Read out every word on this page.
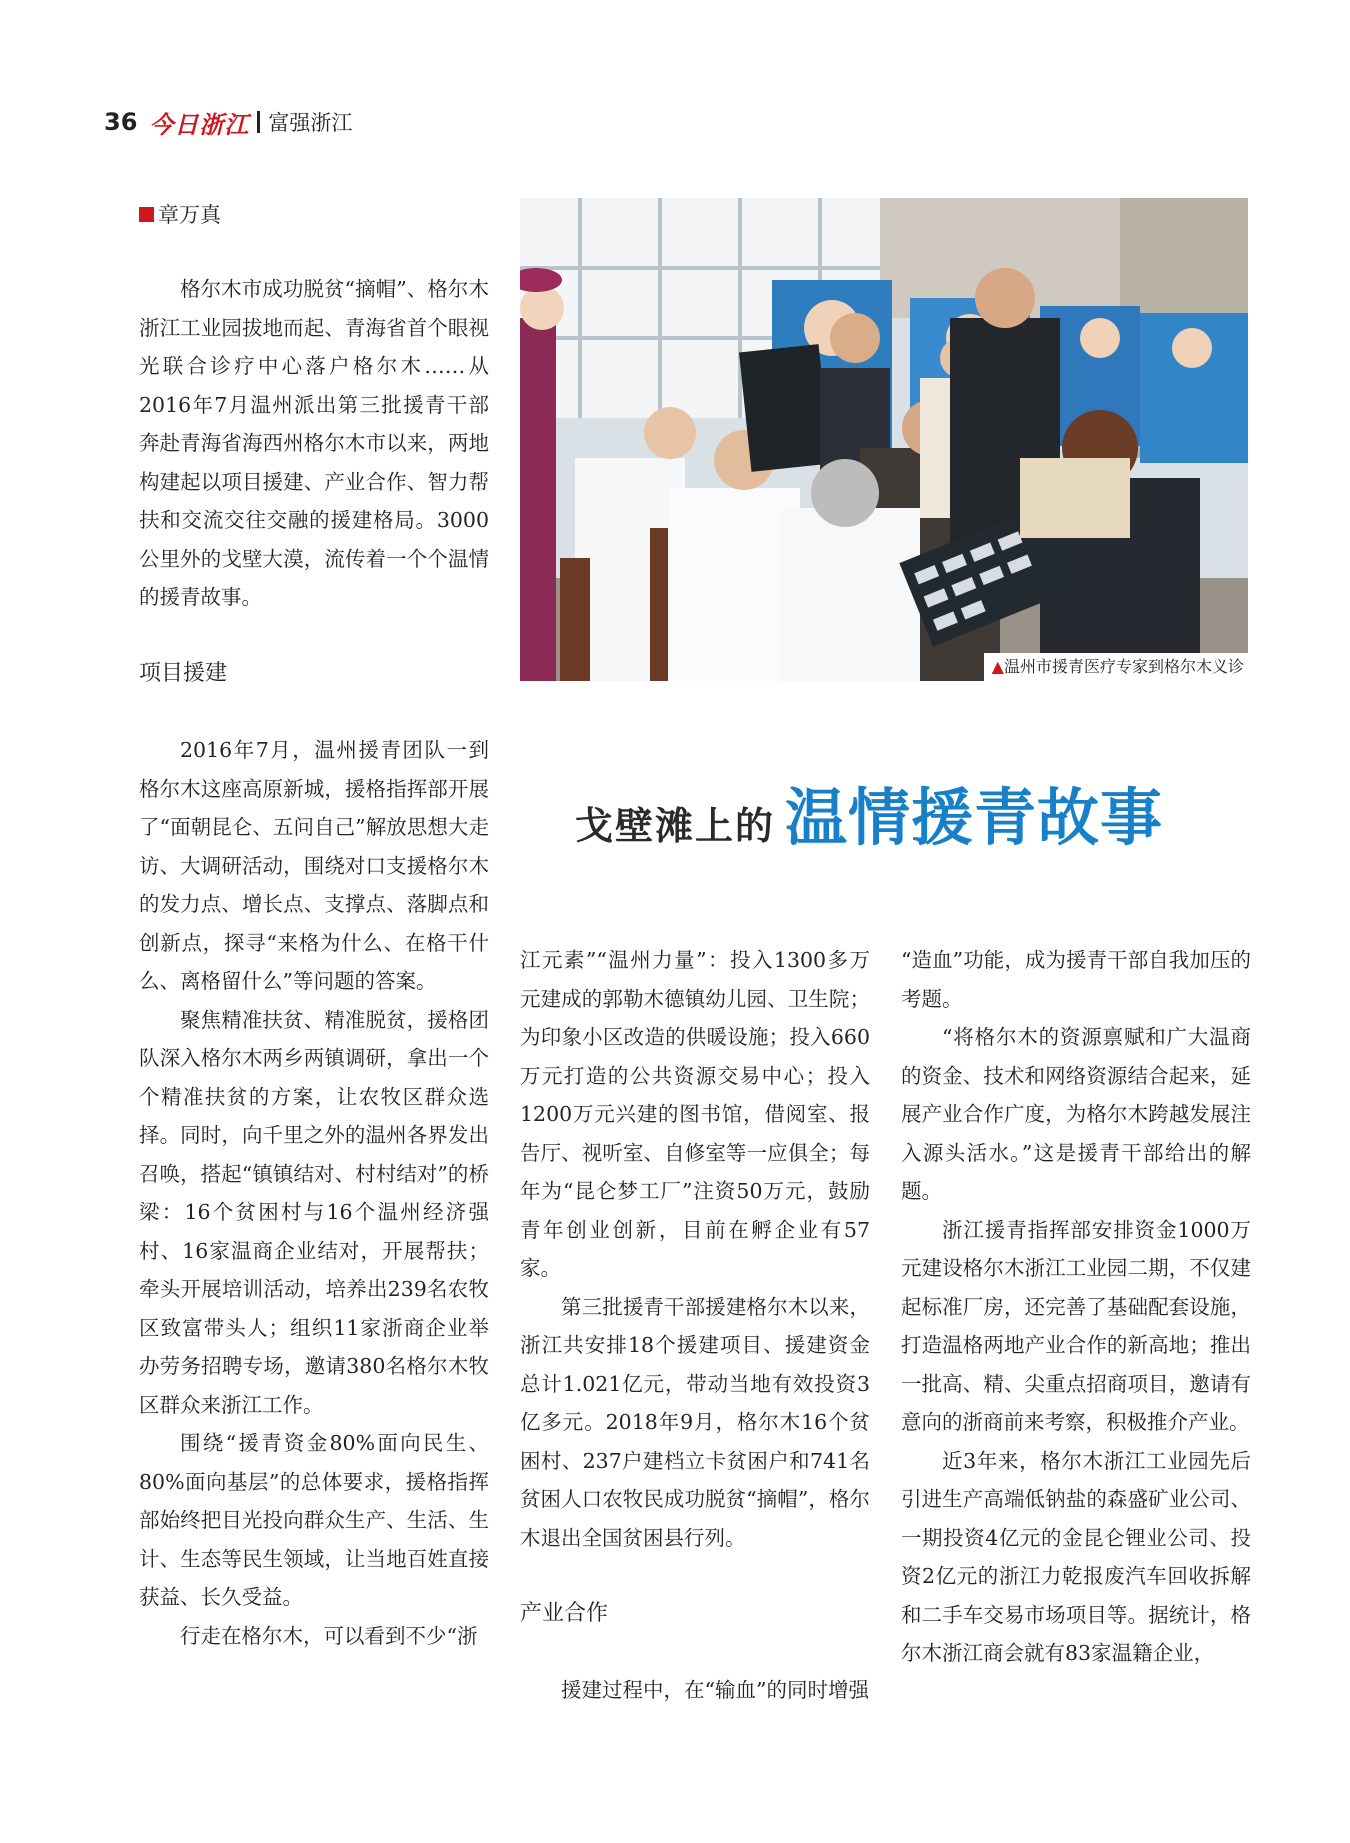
36 今日浙江 富强浙江
章万真
▲温州市援青医疗专家到格尔木义诊
戈壁滩上的 温情援青故事

格尔木市成功脱贫“摘帽”、格尔木浙江工业园拔地而起、青海省首个眼视光联合诊疗中心落户格尔木……从2016年7月温州派出第三批援青干部奔赴青海省海西州格尔木市以来，两地构建起以项目援建、产业合作、智力帮扶和交流交往交融的援建格局。3000公里外的戈壁大漠，流传着一个个温情的援青故事。

项目援建

2016年7月，温州援青团队一到格尔木这座高原新城，援格指挥部开展了“面朝昆仑、五问自己”解放思想大走访、大调研活动，围绕对口支援格尔木的发力点、增长点、支撑点、落脚点和创新点，探寻“来格为什么、在格干什么、离格留什么”等问题的答案。

聚焦精准扶贫、精准脱贫，援格团队深入格尔木两乡两镇调研，拿出一个个精准扶贫的方案，让农牧区群众选择。同时，向千里之外的温州各界发出召唤，搭起“镇镇结对、村村结对”的桥梁：16个贫困村与16个温州经济强村、16家温商企业结对，开展帮扶；牵头开展培训活动，培养出239名农牧区致富带头人；组织11家浙商企业举办劳务招聘专场，邀请380名格尔木牧区群众来浙江工作。

围绕“援青资金80%面向民生、80%面向基层”的总体要求，援格指挥部始终把目光投向群众生产、生活、生计、生态等民生领域，让当地百姓直接获益、长久受益。

行走在格尔木，可以看到不少“浙

江元素”“温州力量”：投入1300多万元建成的郭勒木德镇幼儿园、卫生院；为印象小区改造的供暖设施；投入660万元打造的公共资源交易中心；投入1200万元兴建的图书馆，借阅室、报告厅、视听室、自修室等一应俱全；每年为“昆仑梦工厂”注资50万元，鼓励青年创业创新，目前在孵企业有57家。

第三批援青干部援建格尔木以来，浙江共安排18个援建项目、援建资金总计1.021亿元，带动当地有效投资3亿多元。2018年9月，格尔木16个贫困村、237户建档立卡贫困户和741名贫困人口农牧民成功脱贫“摘帽”，格尔木退出全国贫困县行列。

产业合作

援建过程中，在“输血”的同时增强

“造血”功能，成为援青干部自我加压的考题。

“将格尔木的资源禀赋和广大温商的资金、技术和网络资源结合起来，延展产业合作广度，为格尔木跨越发展注入源头活水。”这是援青干部给出的解题。

浙江援青指挥部安排资金1000万元建设格尔木浙江工业园二期，不仅建起标准厂房，还完善了基础配套设施，打造温格两地产业合作的新高地；推出一批高、精、尖重点招商项目，邀请有意向的浙商前来考察，积极推介产业。

近3年来，格尔木浙江工业园先后引进生产高端低钠盐的森盛矿业公司、一期投资4亿元的金昆仑锂业公司、投资2亿元的浙江力乾报废汽车回收拆解和二手车交易市场项目等。据统计，格尔木浙江商会就有83家温籍企业，
